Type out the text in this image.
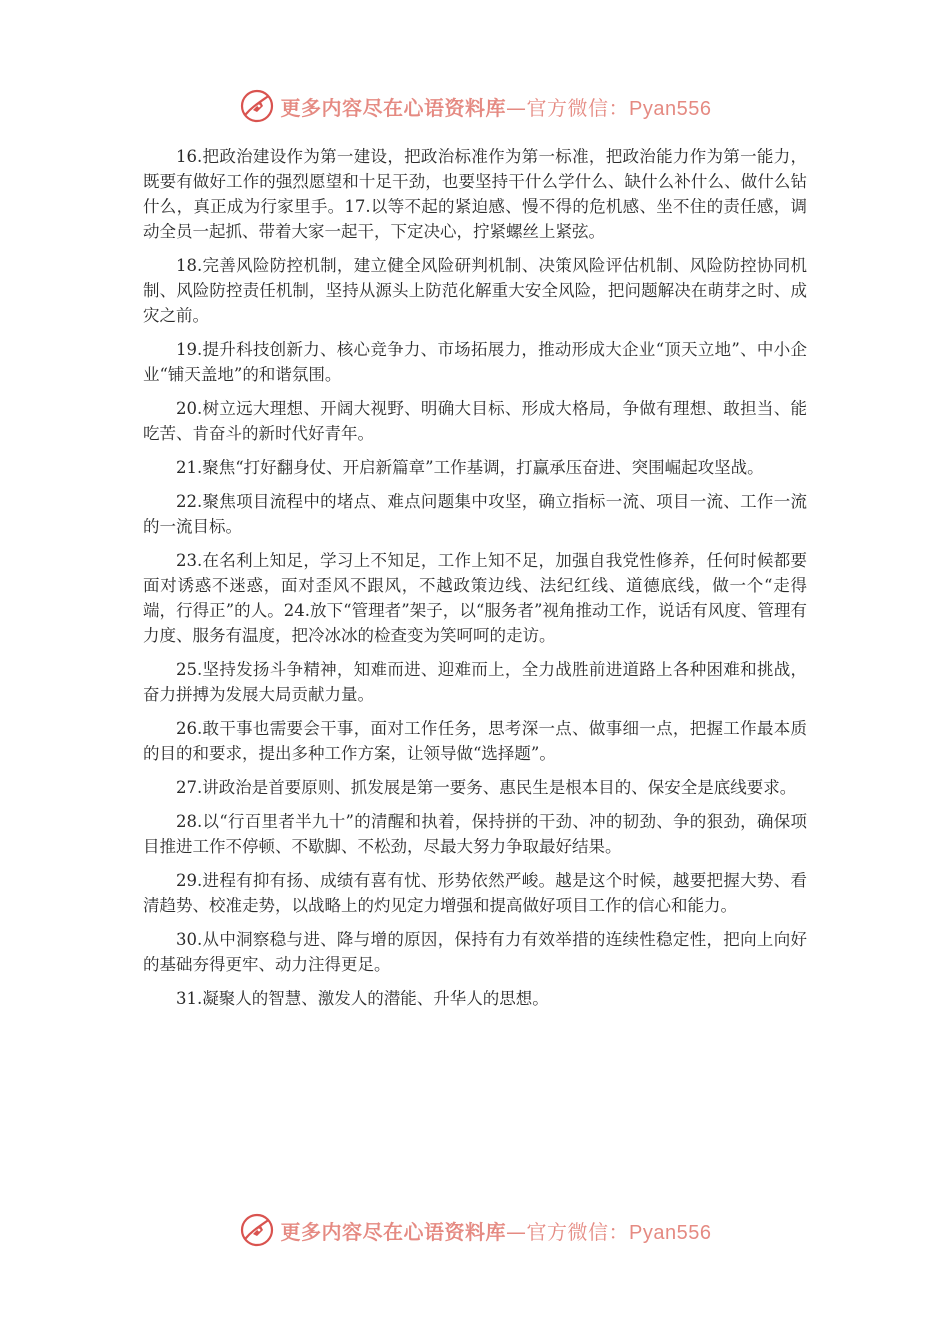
更多内容尽在心语资料库—官方微信：Pyan556

16.把政治建设作为第一建设，把政治标准作为第一标准，把政治能力作为第一能力，既要有做好工作的强烈愿望和十足干劲，也要坚持干什么学什么、缺什么补什么、做什么钻什么，真正成为行家里手。17.以等不起的紧迫感、慢不得的危机感、坐不住的责任感，调动全员一起抓、带着大家一起干，下定决心，拧紧螺丝上紧弦。

18.完善风险防控机制，建立健全风险研判机制、决策风险评估机制、风险防控协同机制、风险防控责任机制，坚持从源头上防范化解重大安全风险，把问题解决在萌芽之时、成灾之前。

19.提升科技创新力、核心竞争力、市场拓展力，推动形成大企业“顶天立地”、中小企业“铺天盖地”的和谐氛围。

20.树立远大理想、开阔大视野、明确大目标、形成大格局，争做有理想、敢担当、能吃苦、肯奋斗的新时代好青年。

21.聚焦“打好翻身仗、开启新篇章”工作基调，打赢承压奋进、突围崛起攻坚战。

22.聚焦项目流程中的堵点、难点问题集中攻坚，确立指标一流、项目一流、工作一流的一流目标。

23.在名利上知足，学习上不知足，工作上知不足，加强自我党性修养，任何时候都要面对诱惑不迷惑，面对歪风不跟风，不越政策边线、法纪红线、道德底线，做一个“走得端，行得正”的人。24.放下“管理者”架子，以“服务者”视角推动工作，说话有风度、管理有力度、服务有温度，把冷冰冰的检查变为笑呵呵的走访。

25.坚持发扬斗争精神，知难而进、迎难而上，全力战胜前进道路上各种困难和挑战，奋力拼搏为发展大局贡献力量。

26.敢干事也需要会干事，面对工作任务，思考深一点、做事细一点，把握工作最本质的目的和要求，提出多种工作方案，让领导做“选择题”。

27.讲政治是首要原则、抓发展是第一要务、惠民生是根本目的、保安全是底线要求。

28.以“行百里者半九十”的清醒和执着，保持拼的干劲、冲的韧劲、争的狠劲，确保项目推进工作不停顿、不歇脚、不松劲，尽最大努力争取最好结果。

29.进程有抑有扬、成绩有喜有忧、形势依然严峻。越是这个时候，越要把握大势、看清趋势、校准走势，以战略上的灼见定力增强和提高做好项目工作的信心和能力。

30.从中洞察稳与进、降与增的原因，保持有力有效举措的连续性稳定性，把向上向好的基础夯得更牢、动力注得更足。

31.凝聚人的智慧、激发人的潜能、升华人的思想。

更多内容尽在心语资料库—官方微信：Pyan556
